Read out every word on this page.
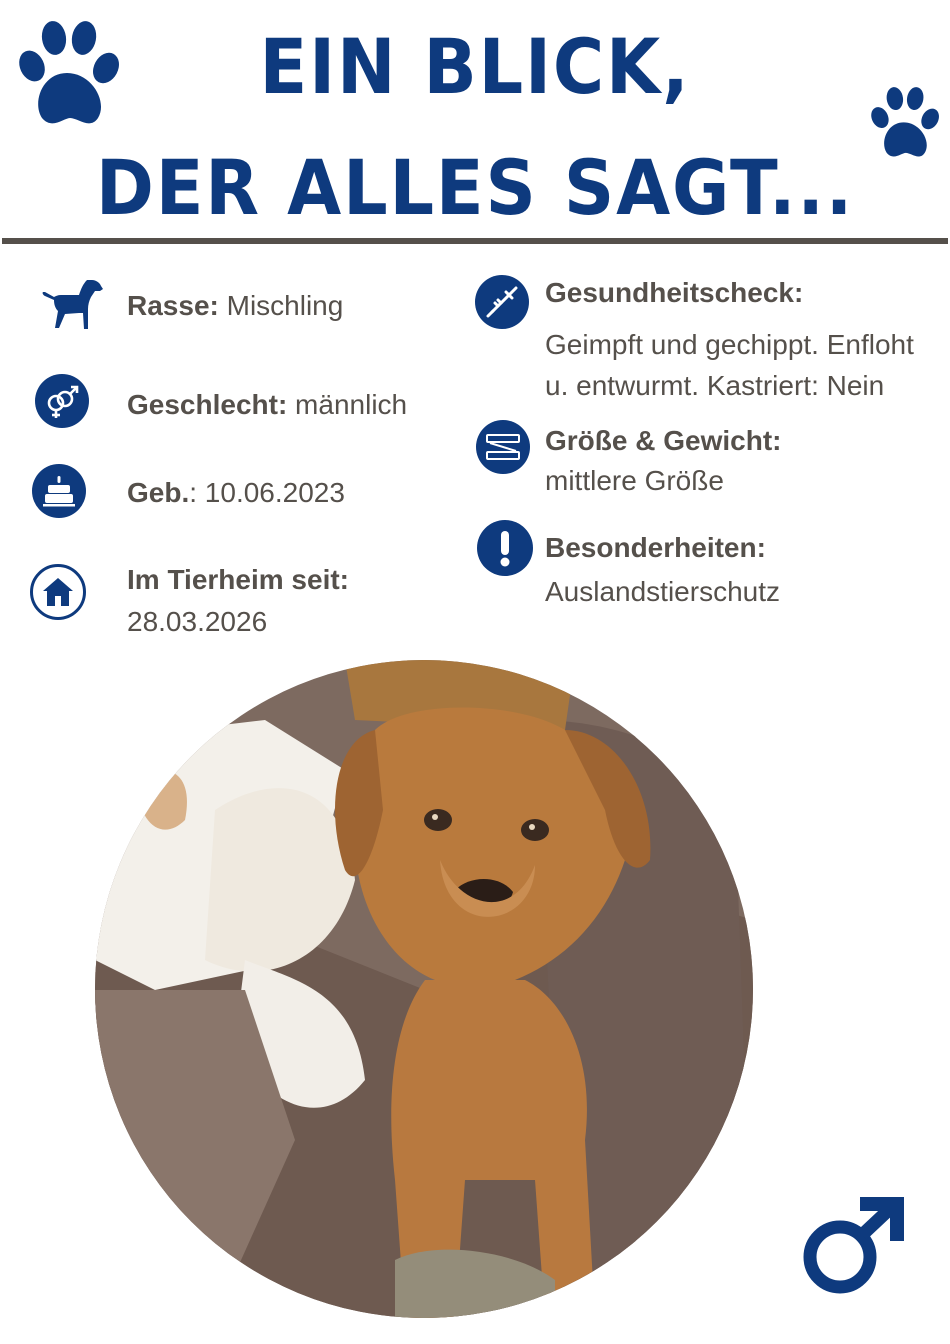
EIN BLICK,
DER ALLES SAGT...
Rasse: Mischling
Geschlecht: männlich
Geb.: 10.06.2023
Im Tierheim seit:
28.03.2026
Gesundheitscheck:
Geimpft und gechippt. Enfloht
u. entwurmt. Kastriert: Nein
Größe & Gewicht:
mittlere Größe
Besonderheiten:
Auslandstierschutz
